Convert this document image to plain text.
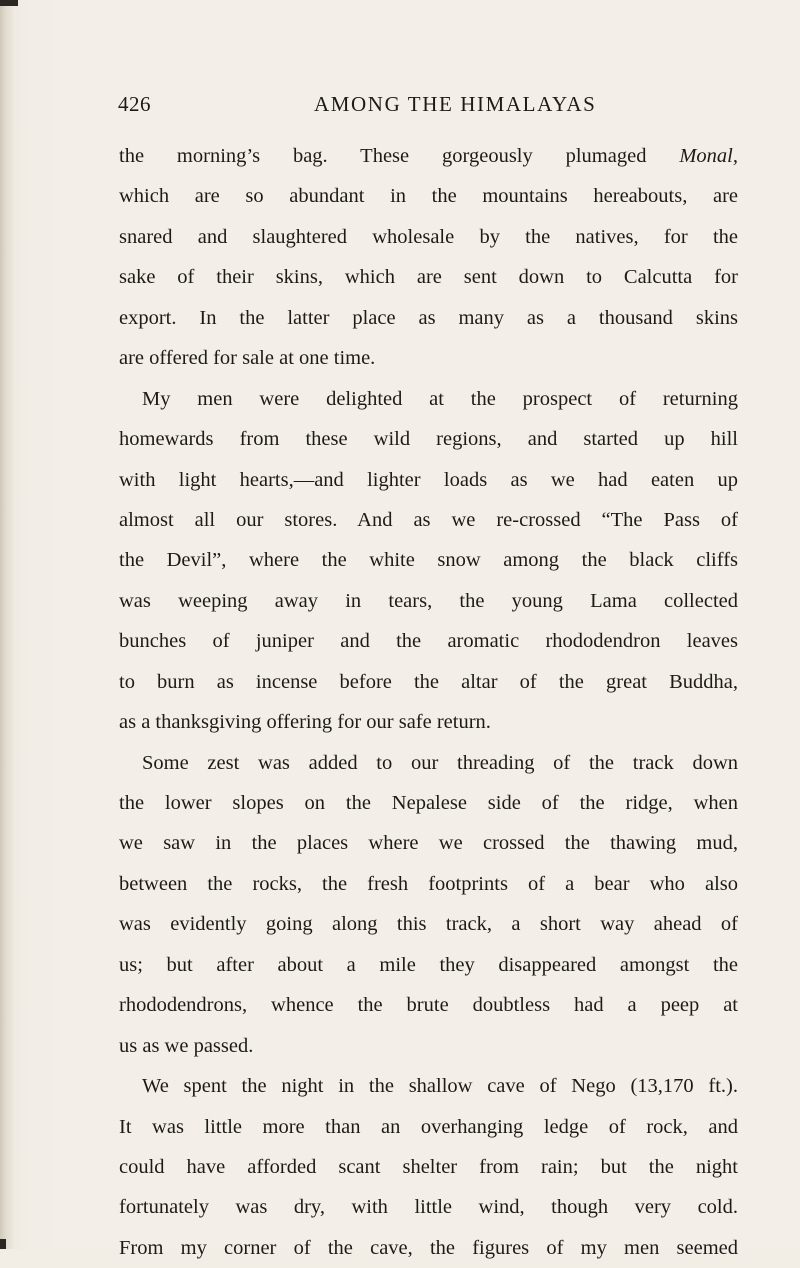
426	AMONG THE HIMALAYAS
the morning’s bag. These gorgeously plumaged Monal,
which are so abundant in the mountains hereabouts, are
snared and slaughtered wholesale by the natives, for the
sake of their skins, which are sent down to Calcutta for
export. In the latter place as many as a thousand skins
are offered for sale at one time.
My men were delighted at the prospect of returning
homewards from these wild regions, and started up hill
with light hearts,—and lighter loads as we had eaten up
almost all our stores. And as we re-crossed “The Pass of
the Devil”, where the white snow among the black cliffs
was weeping away in tears, the young Lama collected
bunches of juniper and the aromatic rhododendron leaves
to burn as incense before the altar of the great Buddha,
as a thanksgiving offering for our safe return.
Some zest was added to our threading of the track down
the lower slopes on the Nepalese side of the ridge, when
we saw in the places where we crossed the thawing mud,
between the rocks, the fresh footprints of a bear who also
was evidently going along this track, a short way ahead of
us; but after about a mile they disappeared amongst the
rhododendrons, whence the brute doubtless had a peep at
us as we passed.
We spent the night in the shallow cave of Nego (13,170 ft.).
It was little more than an overhanging ledge of rock, and
could have afforded scant shelter from rain; but the night
fortunately was dry, with little wind, though very cold.
From my corner of the cave, the figures of my men seemed
